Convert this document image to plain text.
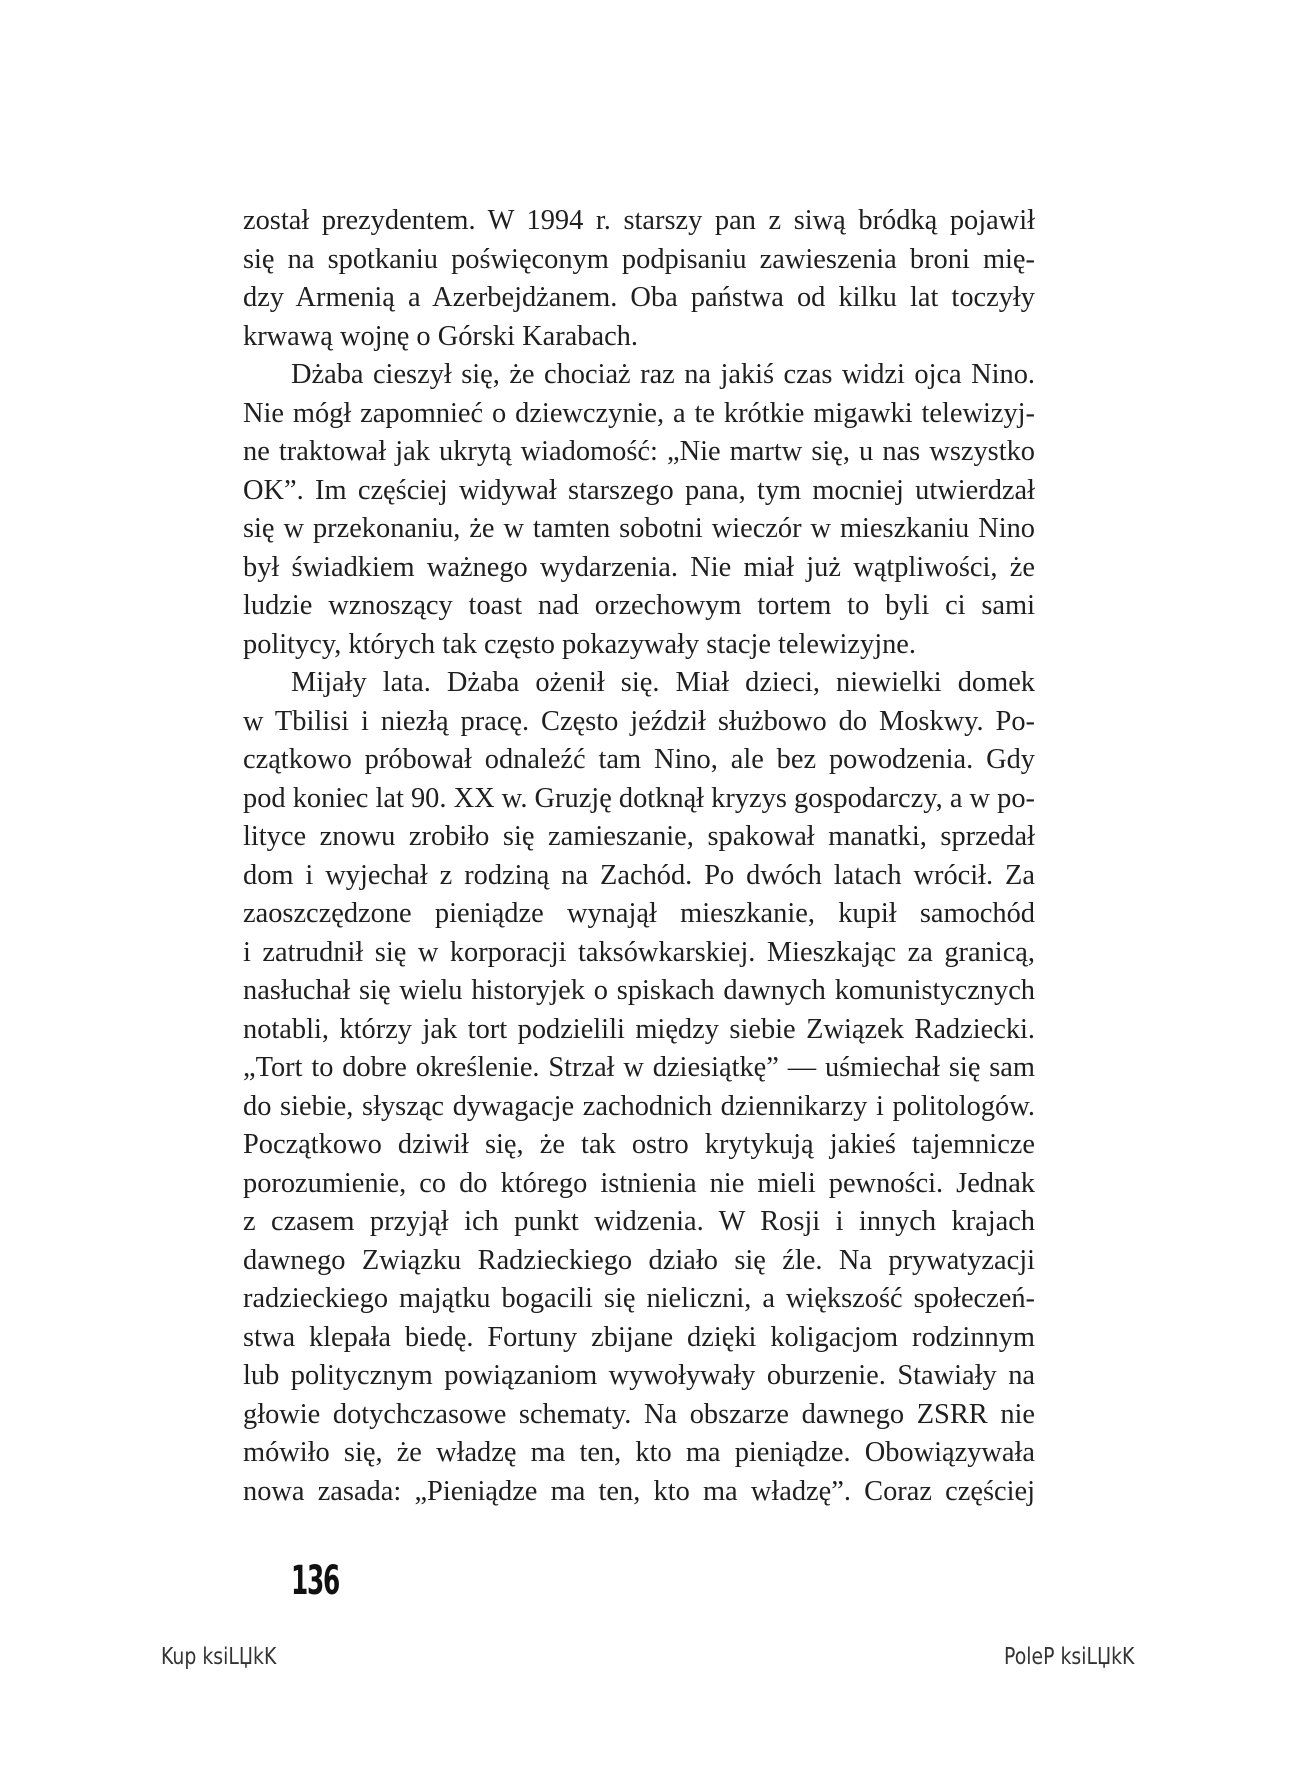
został prezydentem. W 1994 r. starszy pan z siwą bródką pojawił
się na spotkaniu poświęconym podpisaniu zawieszenia broni mię-
dzy Armenią a Azerbejdżanem. Oba państwa od kilku lat toczyły
krwawą wojnę o Górski Karabach.
Dżaba cieszył się, że chociaż raz na jakiś czas widzi ojca Nino.
Nie mógł zapomnieć o dziewczynie, a te krótkie migawki telewizyj-
ne traktował jak ukrytą wiadomość: „Nie martw się, u nas wszystko
OK”. Im częściej widywał starszego pana, tym mocniej utwierdzał
się w przekonaniu, że w tamten sobotni wieczór w mieszkaniu Nino
był świadkiem ważnego wydarzenia. Nie miał już wątpliwości, że
ludzie wznoszący toast nad orzechowym tortem to byli ci sami
politycy, których tak często pokazywały stacje telewizyjne.
Mijały lata. Dżaba ożenił się. Miał dzieci, niewielki domek
w Tbilisi i niezłą pracę. Często jeździł służbowo do Moskwy. Po-
czątkowo próbował odnaleźć tam Nino, ale bez powodzenia. Gdy
pod koniec lat 90. XX w. Gruzję dotknął kryzys gospodarczy, a w po-
lityce znowu zrobiło się zamieszanie, spakował manatki, sprzedał
dom i wyjechał z rodziną na Zachód. Po dwóch latach wrócił. Za
zaoszczędzone pieniądze wynajął mieszkanie, kupił samochód
i zatrudnił się w korporacji taksówkarskiej. Mieszkając za granicą,
nasłuchał się wielu historyjek o spiskach dawnych komunistycznych
notabli, którzy jak tort podzielili między siebie Związek Radziecki.
„Tort to dobre określenie. Strzał w dziesiątkę” — uśmiechał się sam
do siebie, słysząc dywagacje zachodnich dziennikarzy i politologów.
Początkowo dziwił się, że tak ostro krytykują jakieś tajemnicze
porozumienie, co do którego istnienia nie mieli pewności. Jednak
z czasem przyjął ich punkt widzenia. W Rosji i innych krajach
dawnego Związku Radzieckiego działo się źle. Na prywatyzacji
radzieckiego majątku bogacili się nieliczni, a większość społeczeń-
stwa klepała biedę. Fortuny zbijane dzięki koligacjom rodzinnym
lub politycznym powiązaniom wywoływały oburzenie. Stawiały na
głowie dotychczasowe schematy. Na obszarze dawnego ZSRR nie
mówiło się, że władzę ma ten, kto ma pieniądze. Obowiązywała
nowa zasada: „Pieniądze ma ten, kto ma władzę”. Coraz częściej
136
Kup ksiLЏkK	PoleP ksiLЏkK
